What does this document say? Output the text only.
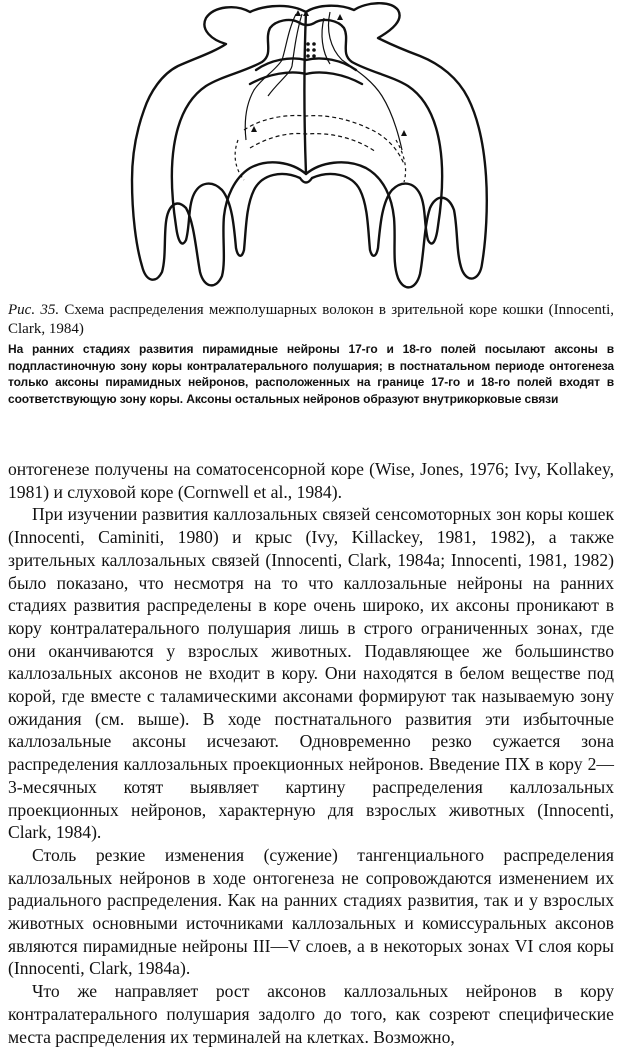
Рис. 35. Схема распределения межполушарных волокон в зрительной коре кошки (Innocenti, Clark, 1984)

На ранних стадиях развития пирамидные нейроны 17-го и 18-го полей посылают аксоны в подпластиночную зону коры контралатерального полушария; в постнатальном периоде онтогенеза только аксоны пирамидных нейронов, расположенных на границе 17-го и 18-го полей входят в соответствующую зону коры. Аксоны остальных нейронов образуют внутрикорковые связи

онтогенезе получены на соматосенсорной коре (Wise, Jones, 1976; Ivy, Kollakey, 1981) и слуховой коре (Cornwell et al., 1984).

При изучении развития каллозальных связей сенсомоторных зон коры кошек (Innocenti, Caminiti, 1980) и крыс (Ivy, Killackey, 1981, 1982), а также зрительных каллозальных связей (Innocenti, Clark, 1984a; Innocenti, 1981, 1982) было показано, что несмотря на то что каллозальные нейроны на ранних стадиях развития распределены в коре очень широко, их аксоны проникают в кору контралатерального полушария лишь в строго ограниченных зонах, где они оканчиваются у взрослых животных. Подавляющее же большинство каллозальных аксонов не входит в кору. Они находятся в белом веществе под корой, где вместе с таламическими аксонами формируют так называемую зону ожидания (см. выше). В ходе постнатального развития эти избыточные каллозальные аксоны исчезают. Одновременно резко сужается зона распределения каллозальных проекционных нейронов. Введение ПХ в кору 2—3-месячных котят выявляет картину распределения каллозальных проекционных нейронов, характерную для взрослых животных (Innocenti, Clark, 1984).

Столь резкие изменения (сужение) тангенциального распределения каллозальных нейронов в ходе онтогенеза не сопровождаются изменением их радиального распределения. Как на ранних стадиях развития, так и у взрослых животных основными источниками каллозальных и комиссуральных аксонов являются пирамидные нейроны III—V слоев, а в некоторых зонах VI слоя коры (Innocenti, Clark, 1984a).

Что же направляет рост аксонов каллозальных нейронов в кору контралатерального полушария задолго до того, как созреют специфические места распределения их терминалей на клетках. Возможно,
